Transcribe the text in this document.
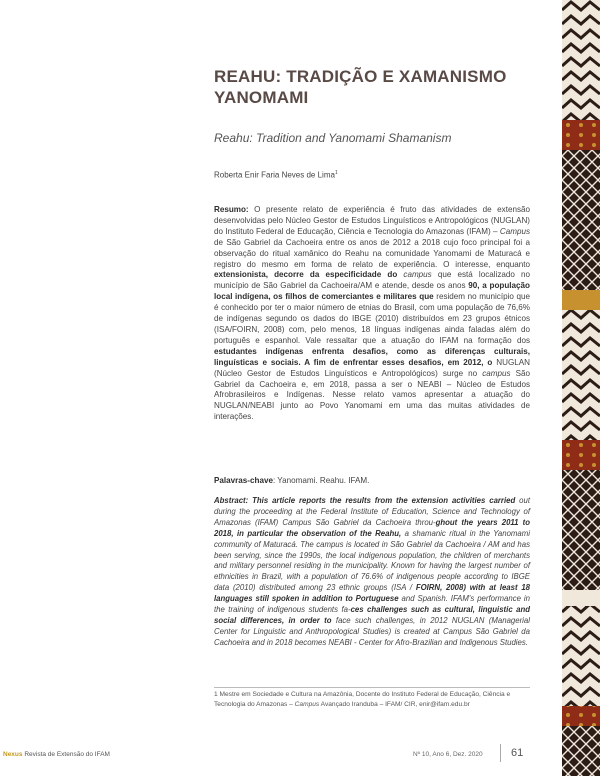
REAHU: TRADIÇÃO E XAMANISMO YANOMAMI
Reahu: Tradition and Yanomami Shamanism
Roberta Enir Faria Neves de Lima$^1$

Resumo: O presente relato de experiência é fruto das atividades de extensão desenvolvidas pelo Núcleo Gestor de Estudos Linguísticos e Antropológicos (NUGLAN) do Instituto Federal de Educação, Ciência e Tecnologia do Amazonas (IFAM) – Campus de São Gabriel da Cachoeira entre os anos de 2012 a 2018 cujo foco principal foi a observação do ritual xamânico do Reahu na comunidade Yanomami de Maturacá e registro do mesmo em forma de relato de experiência. O interesse, enquanto extensionista, decorre da especificidade do campus que está localizado no município de São Gabriel da Cachoeira/AM e atende, desde os anos 90, a população local indígena, os filhos de comerciantes e militares que residem no município que é conhecido por ter o maior número de etnias do Brasil, com uma população de 76,6% de indígenas segundo os dados do IBGE (2010) distribuídos em 23 grupos étnicos (ISA/FOIRN, 2008) com, pelo menos, 18 línguas indígenas ainda faladas além do português e espanhol. Vale ressaltar que a atuação do IFAM na formação dos estudantes indígenas enfrenta desafios, como as diferenças culturais, linguísticas e sociais. A fim de enfrentar esses desafios, em 2012, o NUGLAN (Núcleo Gestor de Estudos Linguísticos e Antropológicos) surge no campus São Gabriel da Cachoeira e, em 2018, passa a ser o NEABI – Núcleo de Estudos Afrobrasileiros e Indígenas. Nesse relato vamos apresentar a atuação do NUGLAN/NEABI junto ao Povo Yanomami em uma das muitas atividades de interações.

Palavras-chave: Yanomami. Reahu. IFAM.

Abstract: This article reports the results from the extension activities carried out during the proceeding at the Federal Institute of Education, Science and Technology of Amazonas (IFAM) Campus São Gabriel da Cachoeira throu-ghout the years 2011 to 2018, in particular the observation of the Reahu, a shamanic ritual in the Yanomami community of Maturacá. The campus is located in São Gabriel da Cachoeira / AM and has been serving, since the 1990s, the local indigenous population, the children of merchants and military personnel residing in the municipality. Known for having the largest number of ethnicities in Brazil, with a population of 76.6% of indigenous people according to IBGE data (2010) distributed among 23 ethnic groups (ISA / FOIRN, 2008) with at least 18 languages still spoken in addition to Portuguese and Spanish. IFAM's performance in the training of indigenous students fa-ces challenges such as cultural, linguistic and social differences, in order to face such challenges, in 2012 NUGLAN (Managerial Center for Linguistic and Anthropological Studies) is created at Campus São Gabriel da Cachoeira and in 2018 becomes NEABI - Center for Afro-Brazilian and Indigenous Studies.

1 Mestre em Sociedade e Cultura na Amazônia, Docente do Instituto Federal de Educação, Ciência e Tecnologia do Amazonas – Campus Avançado Iranduba – IFAM/ CIR, enir@ifam.edu.br

Nexus Revista de Extensão do IFAM	Nº 10, Ano 6, Dez. 2020	61
